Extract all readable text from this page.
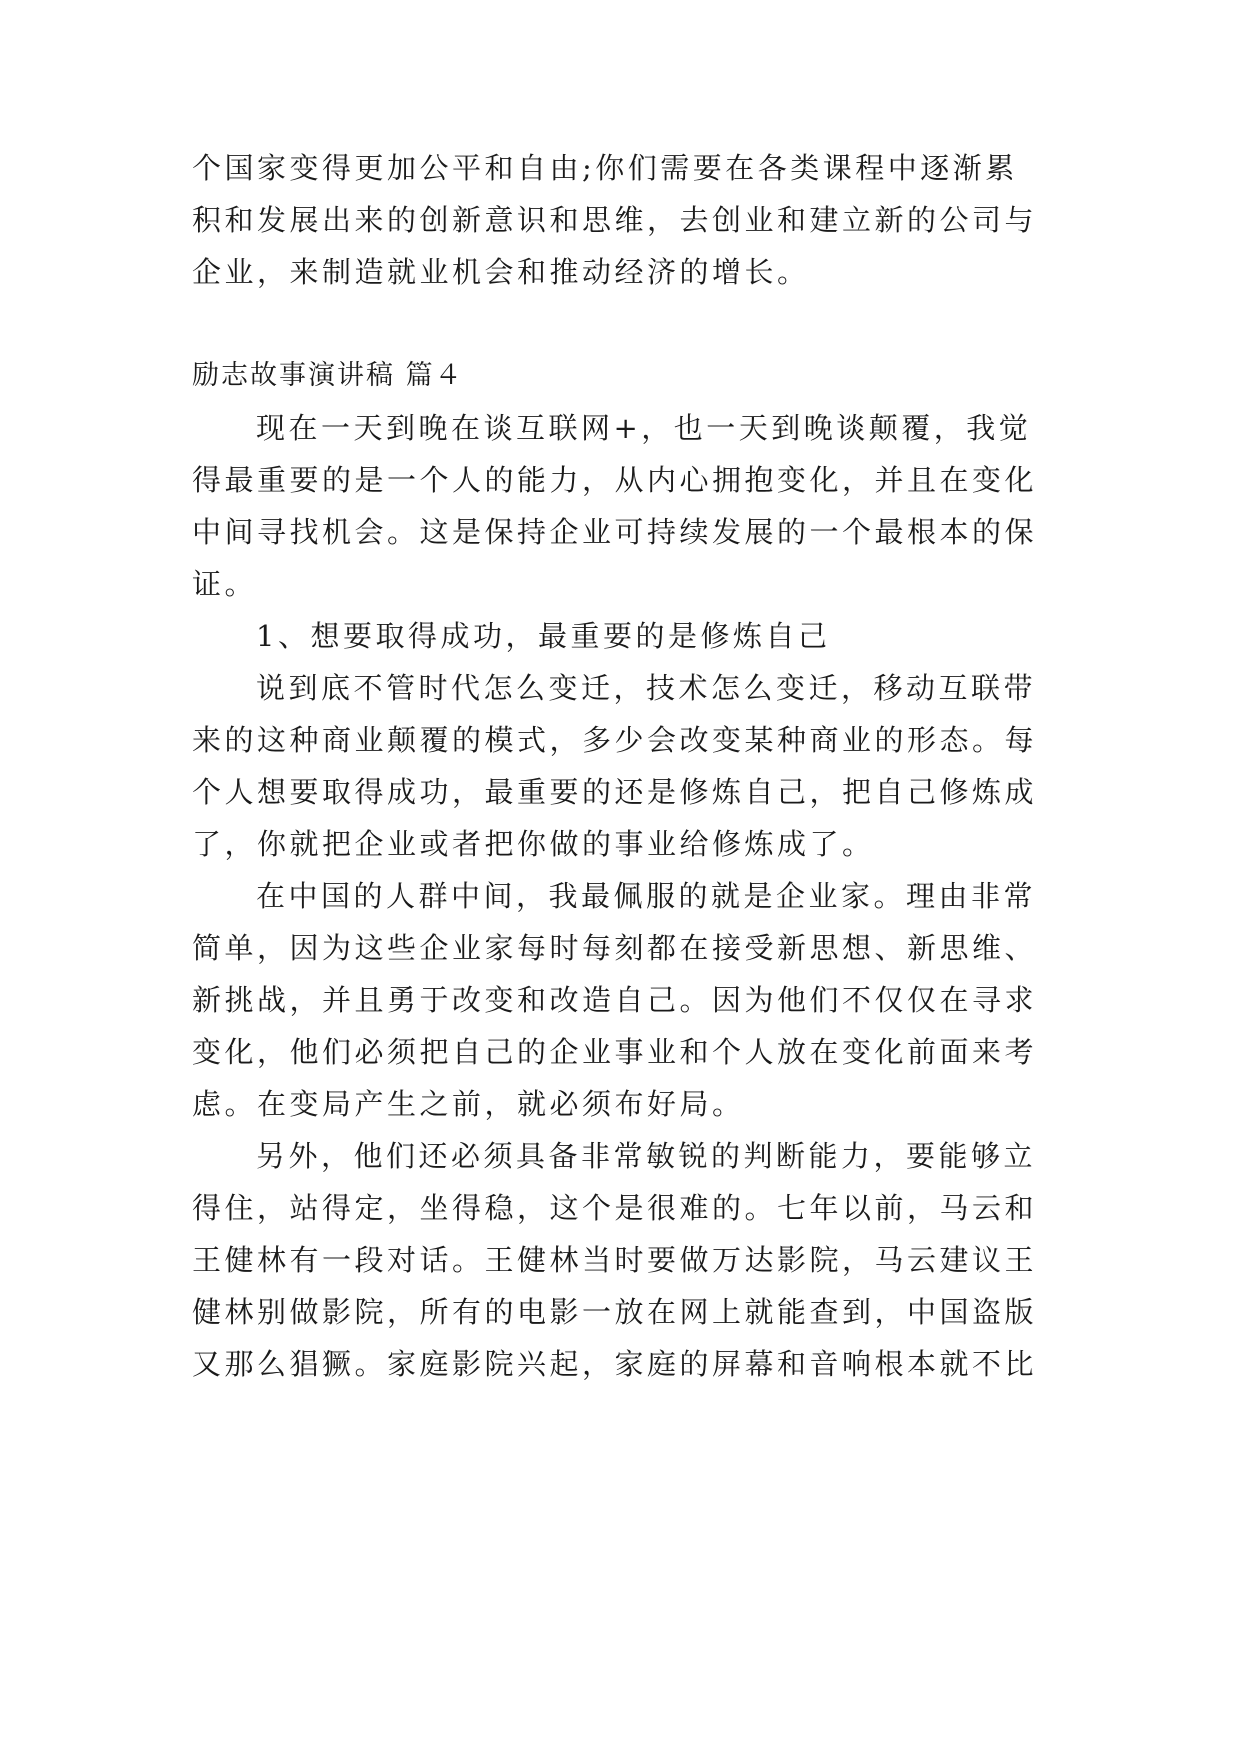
个国家变得更加公平和自由;你们需要在各类课程中逐渐累
积和发展出来的创新意识和思维，去创业和建立新的公司与
企业，来制造就业机会和推动经济的增长。
励志故事演讲稿 篇４
现在一天到晚在谈互联网+，也一天到晚谈颠覆，我觉
得最重要的是一个人的能力，从内心拥抱变化，并且在变化
中间寻找机会。这是保持企业可持续发展的一个最根本的保
证。
1、想要取得成功，最重要的是修炼自己
说到底不管时代怎么变迁，技术怎么变迁，移动互联带
来的这种商业颠覆的模式，多少会改变某种商业的形态。每
个人想要取得成功，最重要的还是修炼自己，把自己修炼成
了，你就把企业或者把你做的事业给修炼成了。
在中国的人群中间，我最佩服的就是企业家。理由非常
简单，因为这些企业家每时每刻都在接受新思想、新思维、
新挑战，并且勇于改变和改造自己。因为他们不仅仅在寻求
变化，他们必须把自己的企业事业和个人放在变化前面来考
虑。在变局产生之前，就必须布好局。
另外，他们还必须具备非常敏锐的判断能力，要能够立
得住，站得定，坐得稳，这个是很难的。七年以前，马云和
王健林有一段对话。王健林当时要做万达影院，马云建议王
健林别做影院，所有的电影一放在网上就能查到，中国盗版
又那么猖獗。家庭影院兴起，家庭的屏幕和音响根本就不比
